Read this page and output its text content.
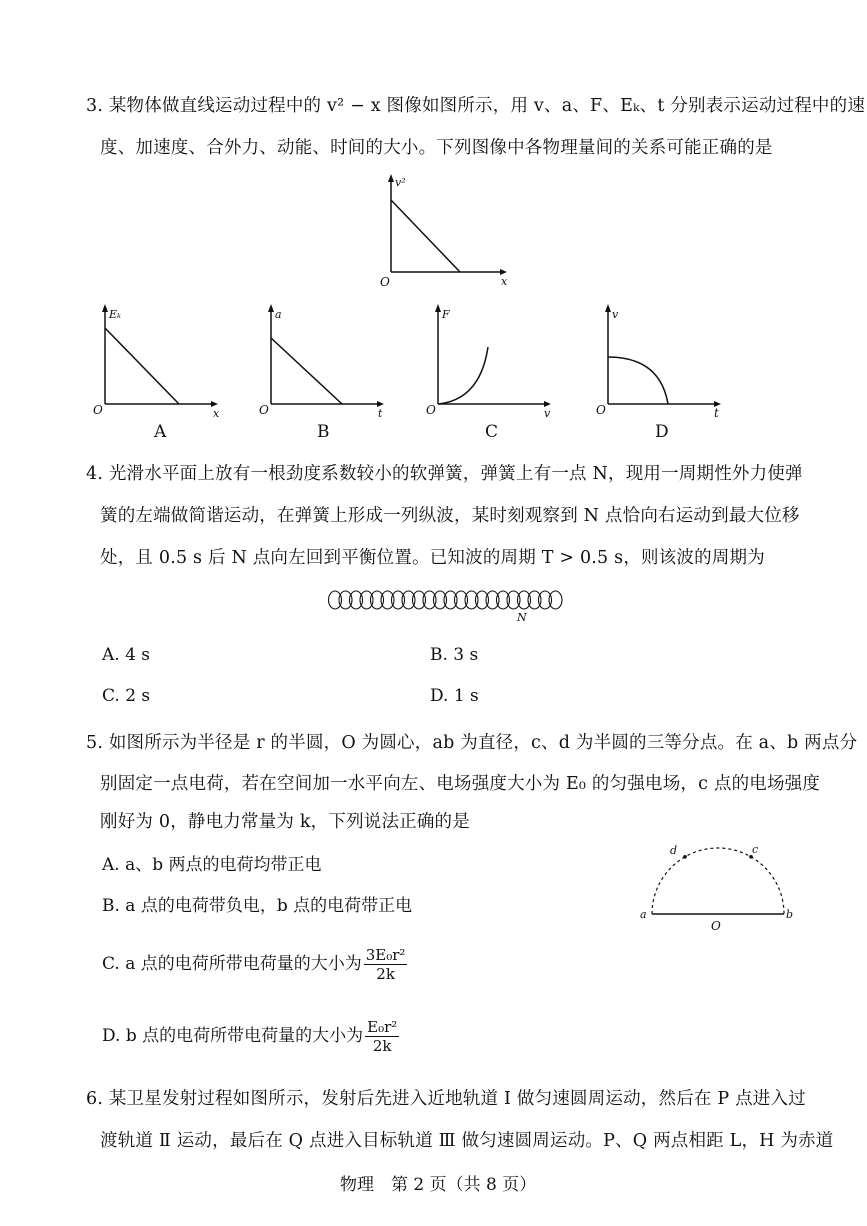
3. 某物体做直线运动过程中的 v² − x 图像如图所示，用 v、a、F、Eₖ、t 分别表示运动过程中的速
度、加速度、合外力、动能、时间的大小。下列图像中各物理量间的关系可能正确的是
v²
x
O
Eₖ
x
O
A
a
t
O
B
F
v
O
C
v
t
O
D
4. 光滑水平面上放有一根劲度系数较小的软弹簧，弹簧上有一点 N，现用一周期性外力使弹
簧的左端做简谐运动，在弹簧上形成一列纵波，某时刻观察到 N 点恰向右运动到最大位移
处，且 0.5 s 后 N 点向左回到平衡位置。已知波的周期 T > 0.5 s，则该波的周期为
N
A. 4 s	B. 3 s
C. 2 s	D. 1 s
5. 如图所示为半径是 r 的半圆，O 为圆心，ab 为直径，c、d 为半圆的三等分点。在 a、b 两点分
别固定一点电荷，若在空间加一水平向左、电场强度大小为 E₀ 的匀强电场，c 点的电场强度
刚好为 0，静电力常量为 k，下列说法正确的是
A. a、b 两点的电荷均带正电
B. a 点的电荷带负电，b 点的电荷带正电
C. a 点的电荷所带电荷量的大小为 $\frac{\text{3E₀r²}}{2k}$
D. b 点的电荷所带电荷量的大小为 $\frac{\text{E₀r²}}{2k}$
a	b
c
d
O
6. 某卫星发射过程如图所示，发射后先进入近地轨道 Ⅰ 做匀速圆周运动，然后在 P 点进入过
渡轨道 Ⅱ 运动，最后在 Q 点进入目标轨道 Ⅲ 做匀速圆周运动。P、Q 两点相距 L，H 为赤道
物理　第 2 页（共 8 页）
